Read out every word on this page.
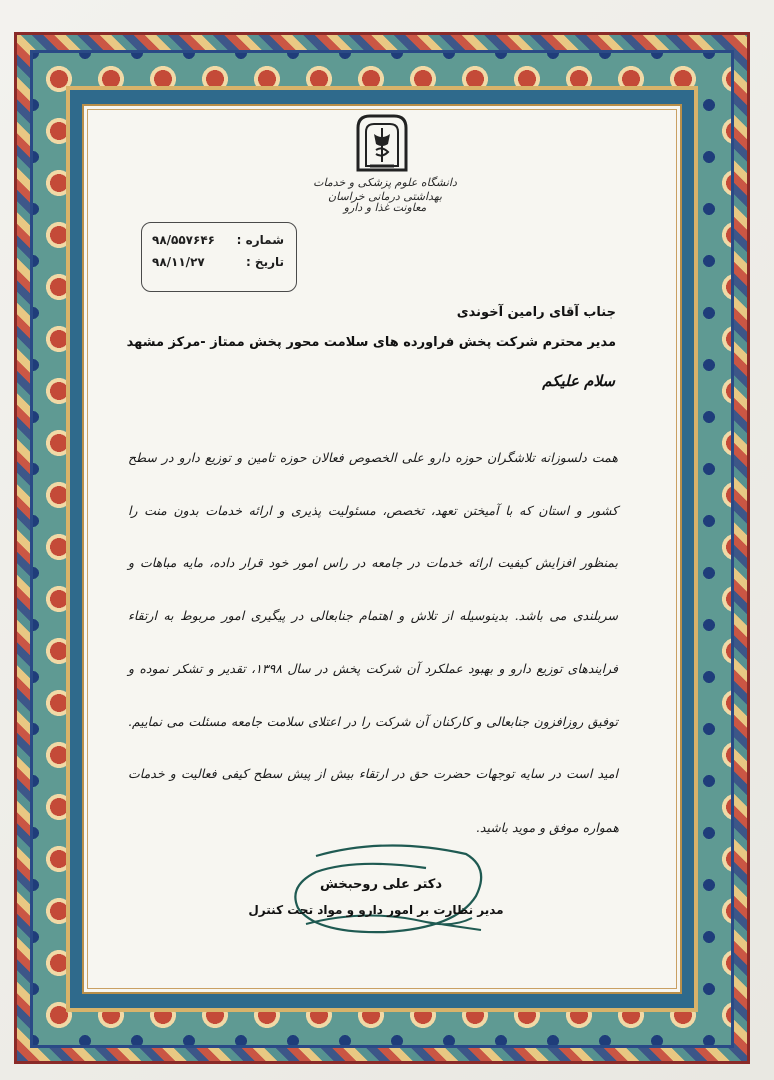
دانشگاه علوم پزشکی و خدمات بهداشتی درمانی خراسان
معاونت غذا و دارو
شماره :
۹۸/۵۵۷۶۴۶
تاریخ :
۹۸/۱۱/۲۷
جناب آقای رامین آخوندی
مدیر محترم شرکت پخش فراورده های سلامت محور پخش ممتاز -مرکز مشهد
سلام علیکم

همت دلسوزانه تلاشگران حوزه دارو علی الخصوص فعالان حوزه تامین و توزیع دارو در سطح کشور و استان که با آمیختن تعهد، تخصص، مسئولیت پذیری و ارائه خدمات بدون منت را بمنظور افزایش کیفیت ارائه خدمات در جامعه در راس امور خود قرار داده، مایه مباهات و سربلندی می باشد. بدینوسیله از تلاش و اهتمام جنابعالی در پیگیری امور مربوط به ارتقاء فرایندهای توزیع دارو و بهبود عملکرد آن شرکت پخش در سال ۱۳۹۸، تقدیر و تشکر نموده و توفیق روزافزون جنابعالی و کارکنان آن شرکت را در اعتلای سلامت جامعه مسئلت می نماییم. امید است در سایه توجهات حضرت حق در ارتقاء بیش از پیش سطح کیفی فعالیت و خدمات

همواره موفق و موید باشید.
دکتر علی روحبخش
مدیر نظارت بر امور دارو و مواد تحت کنترل
